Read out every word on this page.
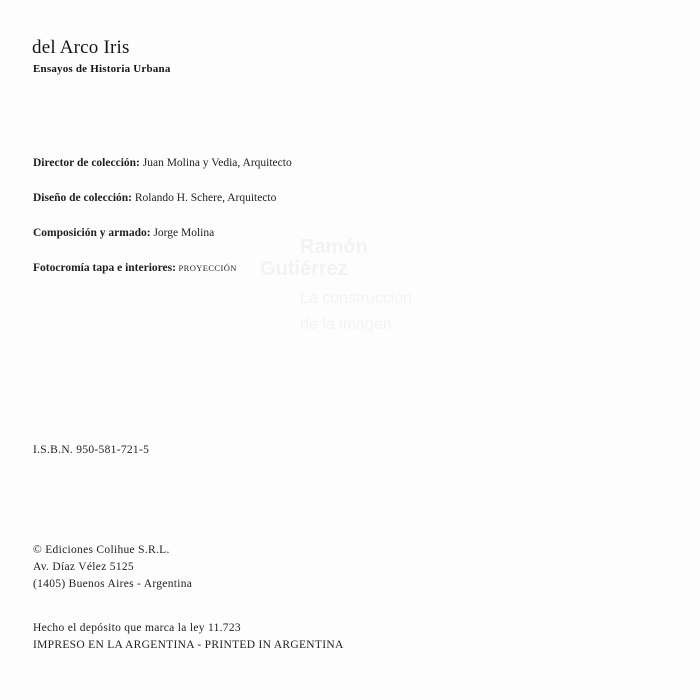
del Arco Iris
Ensayos de Historia Urbana
Director de colección: Juan Molina y Vedia, Arquitecto
Diseño de colección: Rolando H. Schere, Arquitecto
Composición y armado: Jorge Molina
Fotocromía tapa e interiores: PROYECCIÓN
I.S.B.N. 950-581-721-5
© Ediciones Colihue S.R.L.
Av. Díaz Vélez 5125
(1405) Buenos Aires - Argentina
Hecho el depósito que marca la ley 11.723
IMPRESO EN LA ARGENTINA - PRINTED IN ARGENTINA
